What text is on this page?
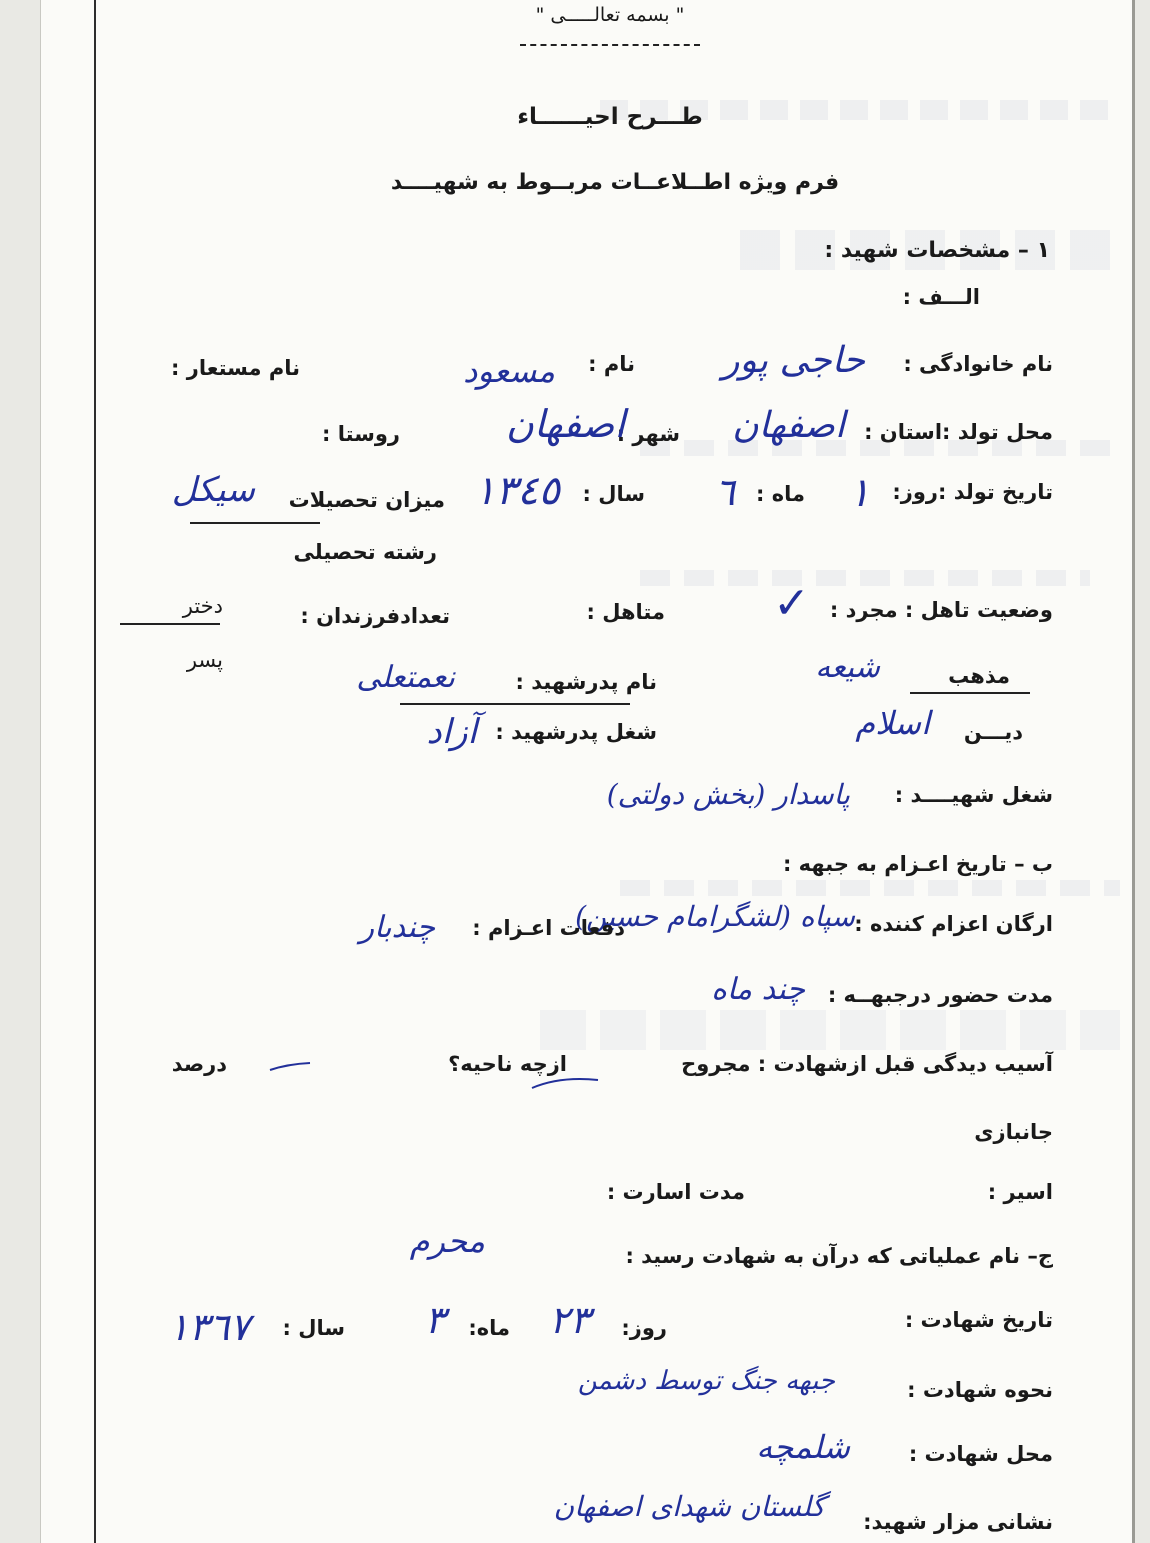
" بسمه تعالـــــى "
طـــرح احيــــــاء
فرم ويژه اطــلاعــات مربــوط به شهيــــد
١ – مشخصات شهيد :
الـــف :
نام خانوادگى :
حاجى پور
نام :
مسعود
نام مستعار :
محل تولد :استان :
اصفهان
شهر :
اصفهان
روستا :
تاريخ تولد :روز:
١
ماه :
٦
سال :
١٣٤٥
ميزان تحصيلات
سيكل
رشته تحصيلى
وضعيت تاهل : مجرد :
✓
متاهل :
تعدادفرزندان :
دختر
پسر
نام پدرشهيد :
نعمتعلى	مذهب
شيعه
شغل پدرشهيد :
آزاد	ديـــن
اسلام
شغل شهيــــد :
پاسدار (بخش دولتى)
ب – تاريخ اعـزام به جبهه :
ارگان اعزام كننده :
سپاه (لشگرامام حسين)
دفعات اعـزام :
چندبار
مدت حضور درجبهــه :
چند ماه
آسيب ديدگى قبل ازشهادت : مجروح
ازچه ناحيه؟
درصد
جانبازى
اسير :
مدت اسارت :
ج– نام عملياتى كه درآن به شهادت رسيد :
محرم
تاريخ شهادت :
روز:
٢٣
ماه:
٣
سال :
١٣٦٧
نحوه شهادت :
جبهه جنگ توسط دشمن
محل شهادت :
شلمچه
نشانى مزار شهيد:
گلستان شهداى اصفهان
